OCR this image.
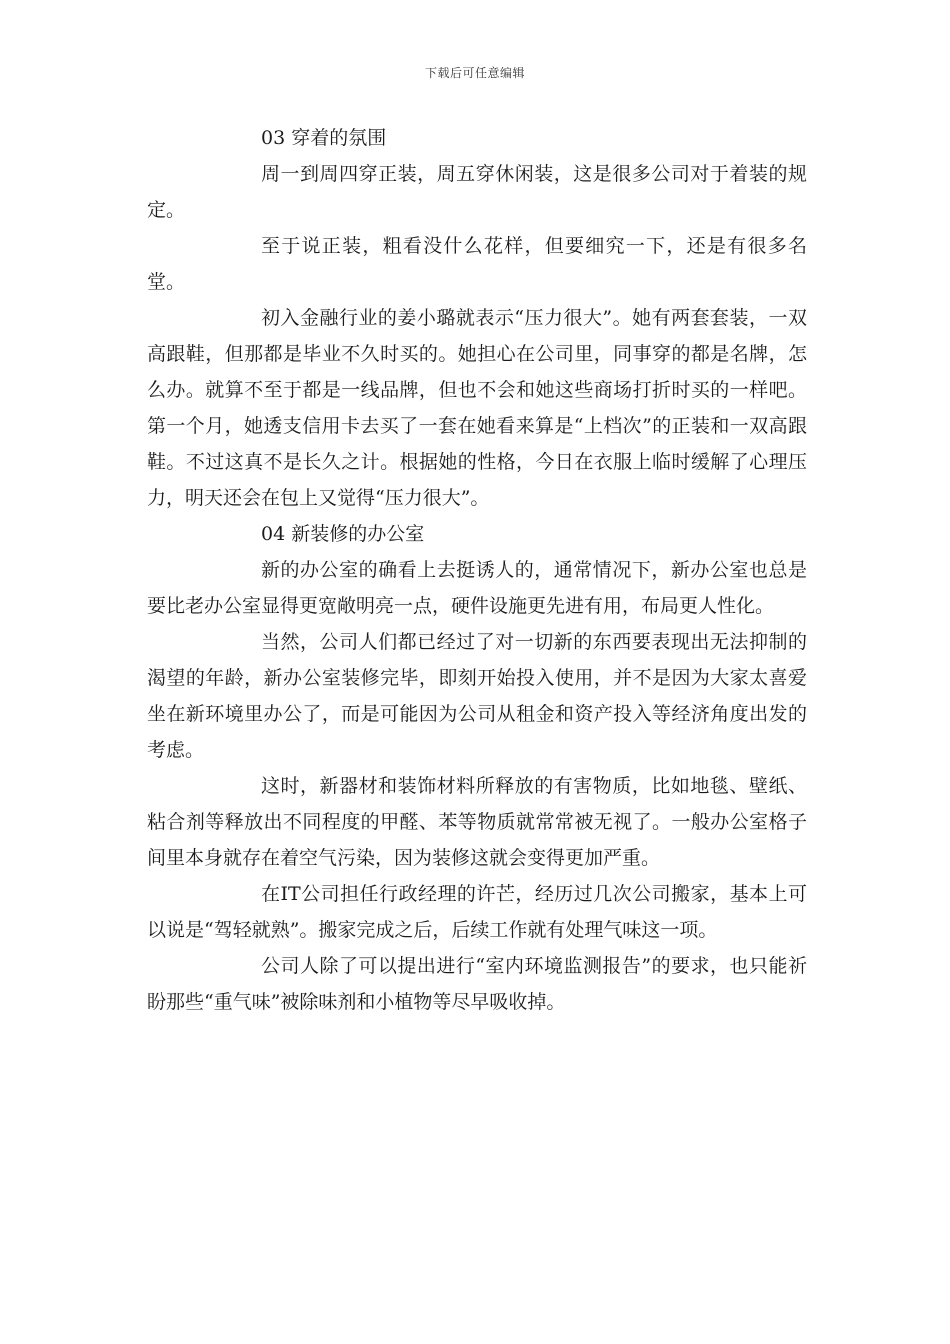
下载后可任意编辑

03 穿着的氛围

周一到周四穿正装，周五穿休闲装，这是很多公司对于着装的规定。

至于说正装，粗看没什么花样，但要细究一下，还是有很多名堂。

初入金融行业的姜小璐就表示“压力很大”。她有两套套装，一双高跟鞋，但那都是毕业不久时买的。她担心在公司里，同事穿的都是名牌，怎么办。就算不至于都是一线品牌，但也不会和她这些商场打折时买的一样吧。第一个月，她透支信用卡去买了一套在她看来算是“上档次”的正装和一双高跟鞋。不过这真不是长久之计。根据她的性格，今日在衣服上临时缓解了心理压力，明天还会在包上又觉得“压力很大”。

04 新装修的办公室

新的办公室的确看上去挺诱人的，通常情况下，新办公室也总是要比老办公室显得更宽敞明亮一点，硬件设施更先进有用，布局更人性化。

当然，公司人们都已经过了对一切新的东西要表现出无法抑制的渴望的年龄，新办公室装修完毕，即刻开始投入使用，并不是因为大家太喜爱坐在新环境里办公了，而是可能因为公司从租金和资产投入等经济角度出发的考虑。

这时，新器材和装饰材料所释放的有害物质，比如地毯、壁纸、粘合剂等释放出不同程度的甲醛、苯等物质就常常被无视了。一般办公室格子间里本身就存在着空气污染，因为装修这就会变得更加严重。

在IT公司担任行政经理的许芒，经历过几次公司搬家，基本上可以说是“驾轻就熟”。搬家完成之后，后续工作就有处理气味这一项。

公司人除了可以提出进行“室内环境监测报告”的要求，也只能祈盼那些“重气味”被除味剂和小植物等尽早吸收掉。
